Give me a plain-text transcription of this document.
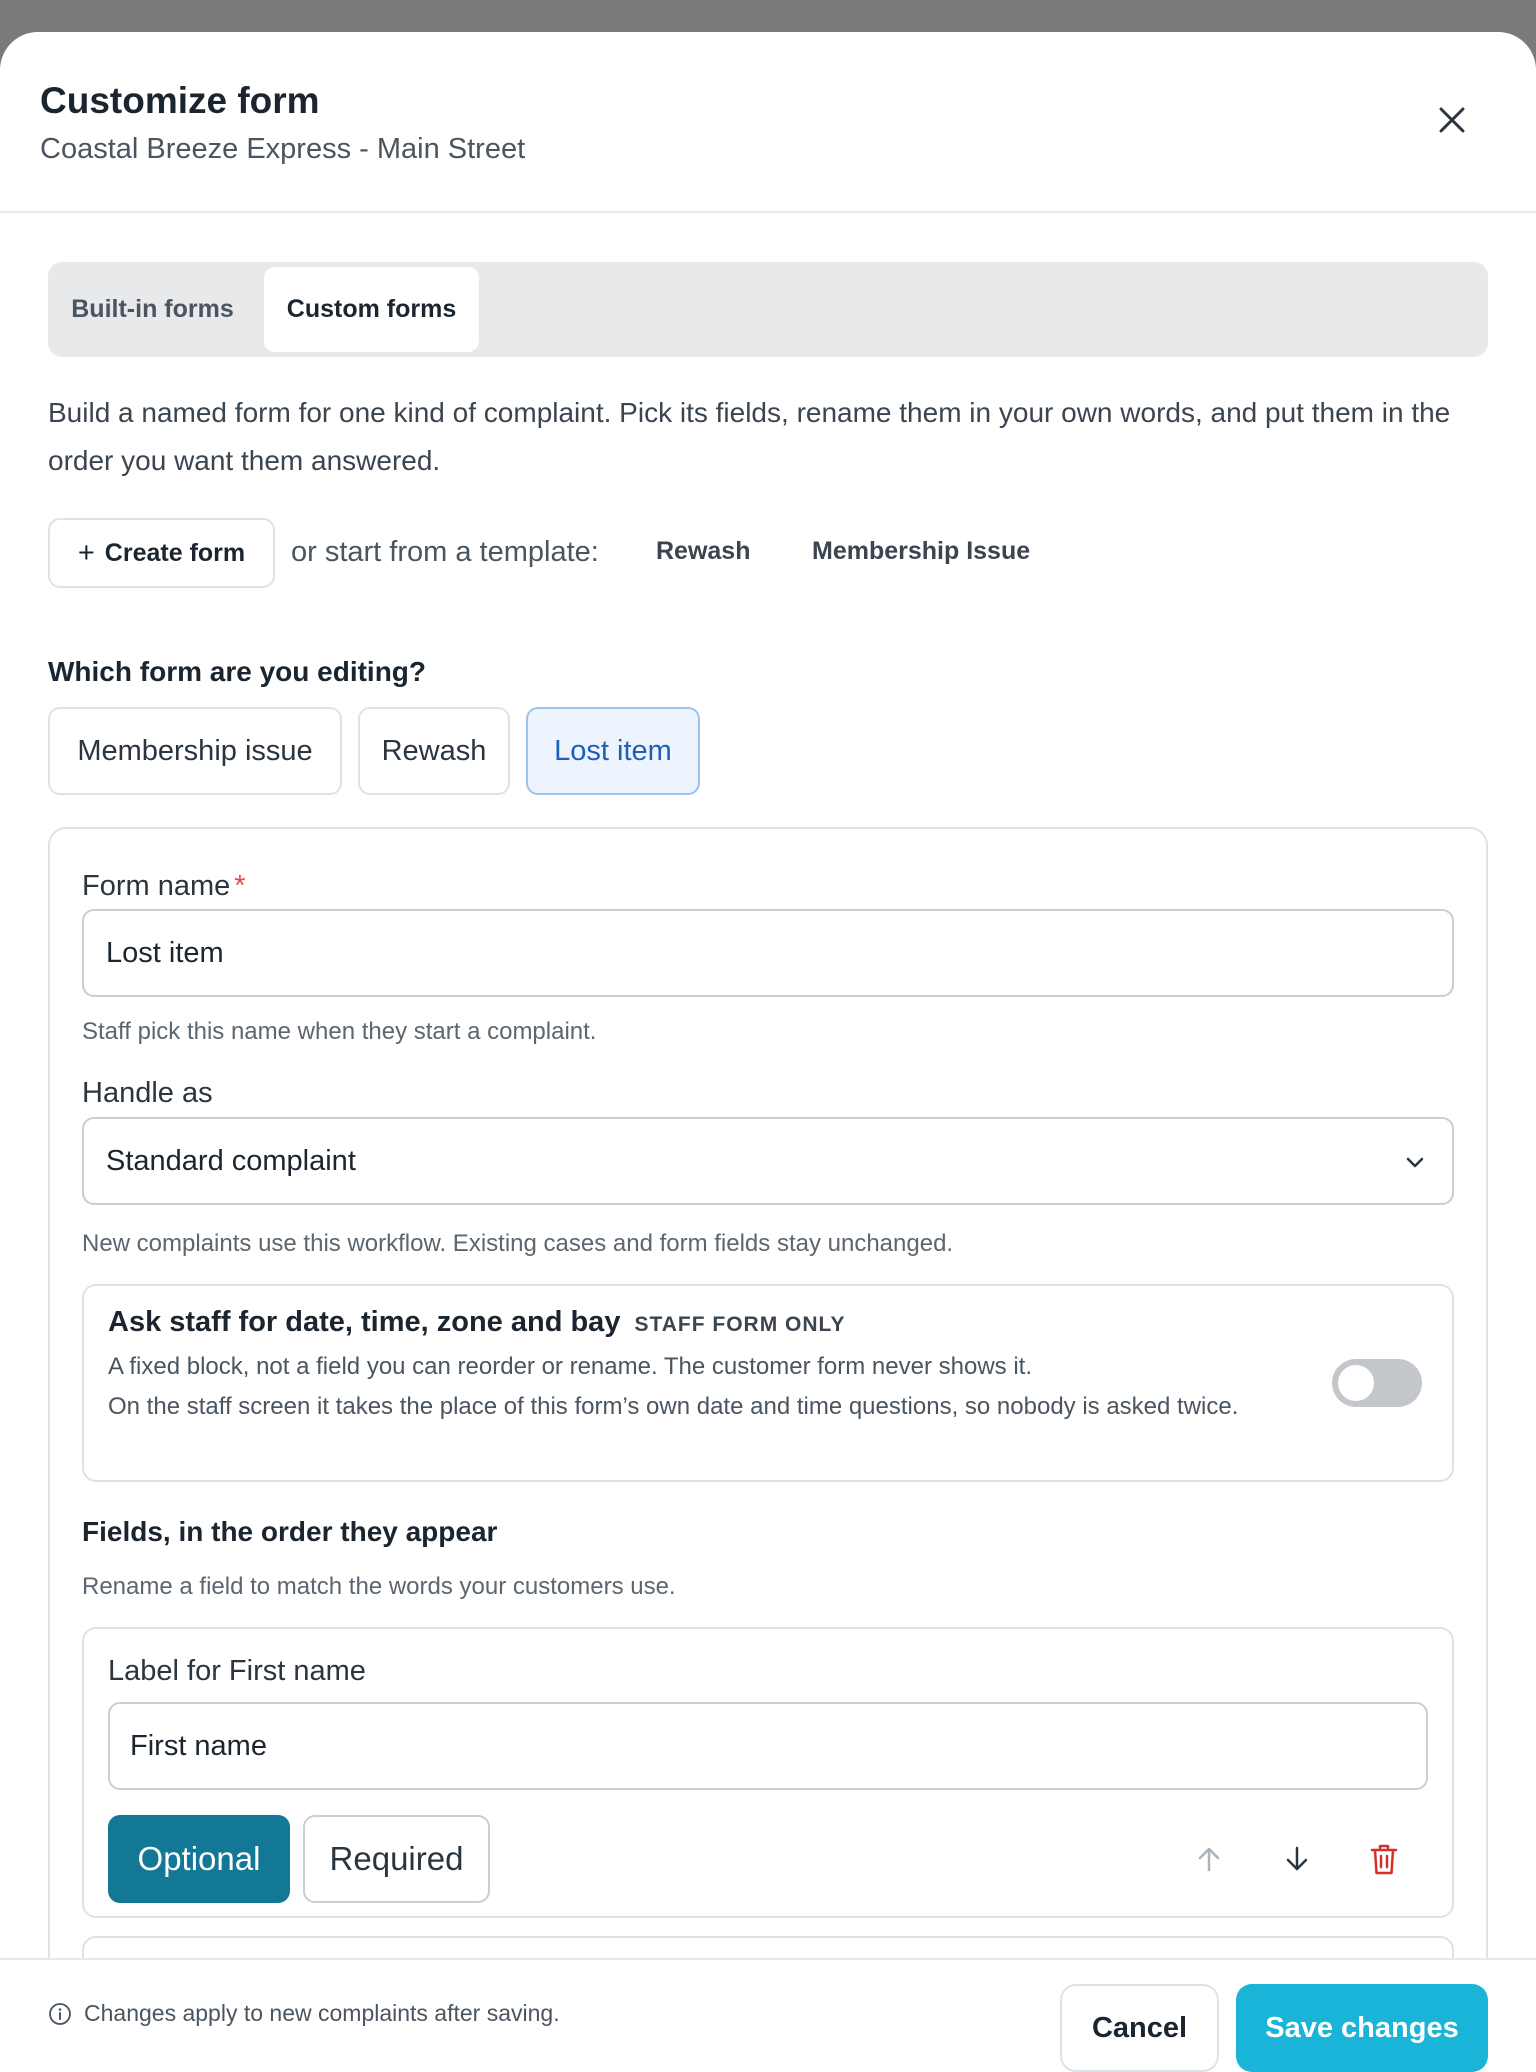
Customize form
Coastal Breeze Express - Main Street
Built-in forms	Custom forms

Build a named form for one kind of complaint. Pick its fields, rename them in your own words, and put them in the order you want them answered.

+ Create form or start from a template: Rewash Membership Issue
Which form are you editing?
Membership issue	Rewash	Lost item
Form name *
Lost item
Staff pick this name when they start a complaint.
Handle as
Standard complaint
New complaints use this workflow. Existing cases and form fields stay unchanged.
Ask staff for date, time, zone and bay STAFF FORM ONLY
A fixed block, not a field you can reorder or rename. The customer form never shows it.
On the staff screen it takes the place of this form’s own date and time questions, so nobody is asked twice.
Fields, in the order they appear
Rename a field to match the words your customers use.
Label for First name
First name
Optional	Required
Changes apply to new complaints after saving.	Cancel	Save changes
